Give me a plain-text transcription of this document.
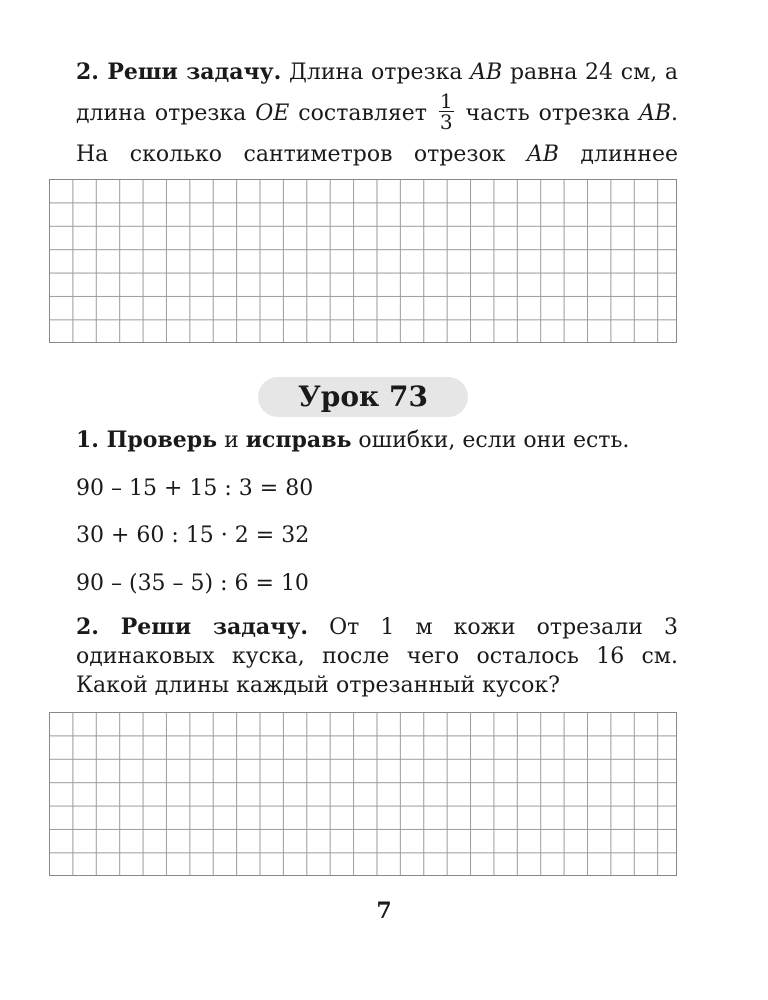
2. Реши задачу. Длина отрезка AB равна 24 см, а длина отрезка OE составляет $\frac{1}{3}$ часть отрезка AB. На сколько сантиметров отрезок AB длиннее

Урок 73

1. Проверь и исправь ошибки, если они есть.

90 – 15 + 15 : 3 = 80

30 + 60 : 15 · 2 = 32

90 – (35 – 5) : 6 = 10

2. Реши задачу. От 1 м кожи отрезали 3 одинаковых куска, после чего осталось 16 см. Какой длины каждый отрезанный кусок?

7
